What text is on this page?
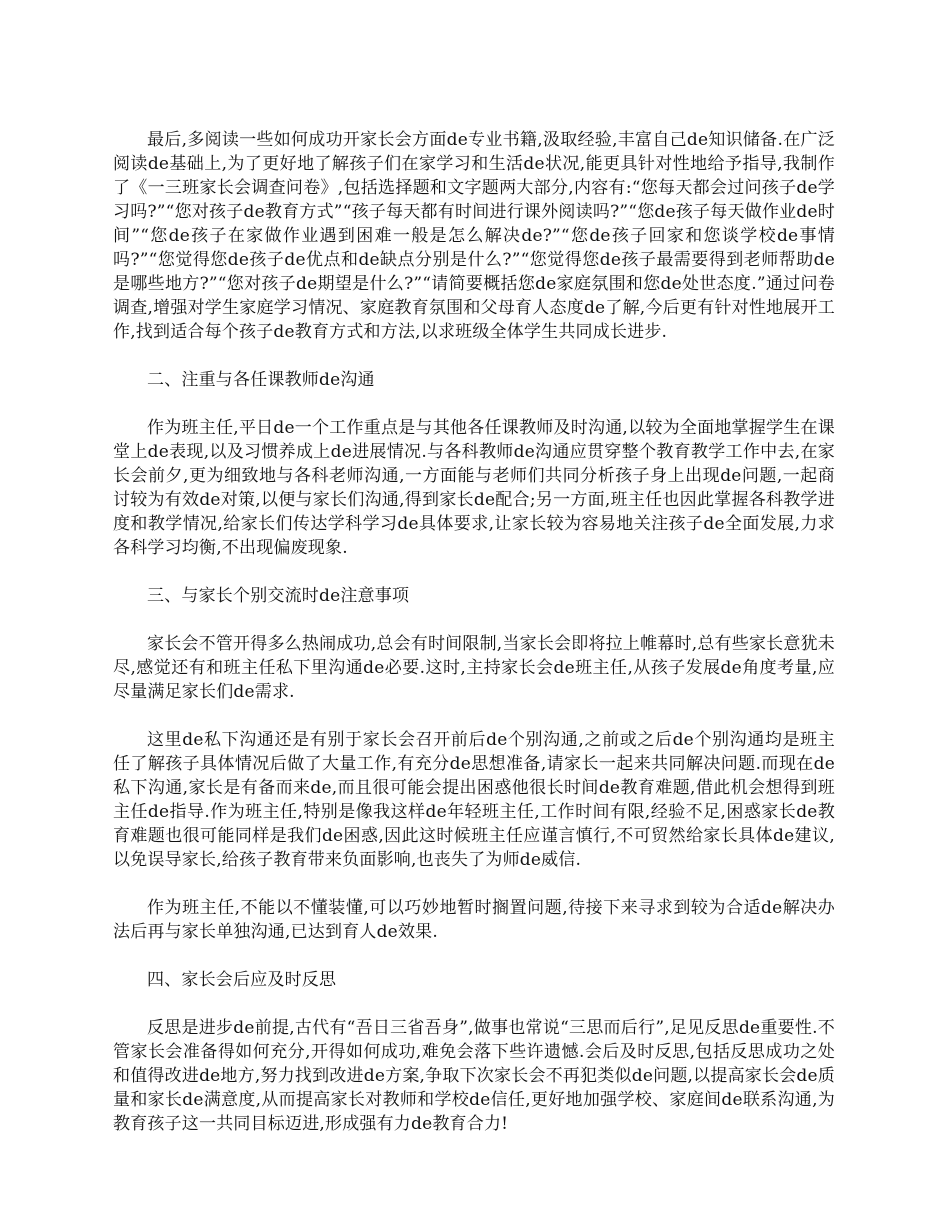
最后,多阅读一些如何成功开家长会方面de专业书籍,汲取经验,丰富自己de知识储备.在广泛阅读de基础上,为了更好地了解孩子们在家学习和生活de状况,能更具针对性地给予指导,我制作了《一三班家长会调查问卷》,包括选择题和文字题两大部分,内容有:“您每天都会过问孩子de学习吗?”“您对孩子de教育方式”“孩子每天都有时间进行课外阅读吗?”“您de孩子每天做作业de时间”“您de孩子在家做作业遇到困难一般是怎么解决de?”“您de孩子回家和您谈学校de事情吗?”“您觉得您de孩子de优点和de缺点分别是什么?”“您觉得您de孩子最需要得到老师帮助de是哪些地方?”“您对孩子de期望是什么?”“请简要概括您de家庭氛围和您de处世态度.”通过问卷调查,增强对学生家庭学习情况、家庭教育氛围和父母育人态度de了解,今后更有针对性地展开工作,找到适合每个孩子de教育方式和方法,以求班级全体学生共同成长进步.

二、注重与各任课教师de沟通

作为班主任,平日de一个工作重点是与其他各任课教师及时沟通,以较为全面地掌握学生在课堂上de表现,以及习惯养成上de进展情况.与各科教师de沟通应贯穿整个教育教学工作中去,在家长会前夕,更为细致地与各科老师沟通,一方面能与老师们共同分析孩子身上出现de问题,一起商讨较为有效de对策,以便与家长们沟通,得到家长de配合;另一方面,班主任也因此掌握各科教学进度和教学情况,给家长们传达学科学习de具体要求,让家长较为容易地关注孩子de全面发展,力求各科学习均衡,不出现偏废现象.

三、与家长个别交流时de注意事项

家长会不管开得多么热闹成功,总会有时间限制,当家长会即将拉上帷幕时,总有些家长意犹未尽,感觉还有和班主任私下里沟通de必要.这时,主持家长会de班主任,从孩子发展de角度考量,应尽量满足家长们de需求.

这里de私下沟通还是有别于家长会召开前后de个别沟通,之前或之后de个别沟通均是班主任了解孩子具体情况后做了大量工作,有充分de思想准备,请家长一起来共同解决问题.而现在de私下沟通,家长是有备而来de,而且很可能会提出困惑他很长时间de教育难题,借此机会想得到班主任de指导.作为班主任,特别是像我这样de年轻班主任,工作时间有限,经验不足,困惑家长de教育难题也很可能同样是我们de困惑,因此这时候班主任应谨言慎行,不可贸然给家长具体de建议,以免误导家长,给孩子教育带来负面影响,也丧失了为师de威信.

作为班主任,不能以不懂装懂,可以巧妙地暂时搁置问题,待接下来寻求到较为合适de解决办法后再与家长单独沟通,已达到育人de效果.

四、家长会后应及时反思

反思是进步de前提,古代有“吾日三省吾身”,做事也常说“三思而后行”,足见反思de重要性.不管家长会准备得如何充分,开得如何成功,难免会落下些许遗憾.会后及时反思,包括反思成功之处和值得改进de地方,努力找到改进de方案,争取下次家长会不再犯类似de问题,以提高家长会de质量和家长de满意度,从而提高家长对教师和学校de信任,更好地加强学校、家庭间de联系沟通,为教育孩子这一共同目标迈进,形成强有力de教育合力!
